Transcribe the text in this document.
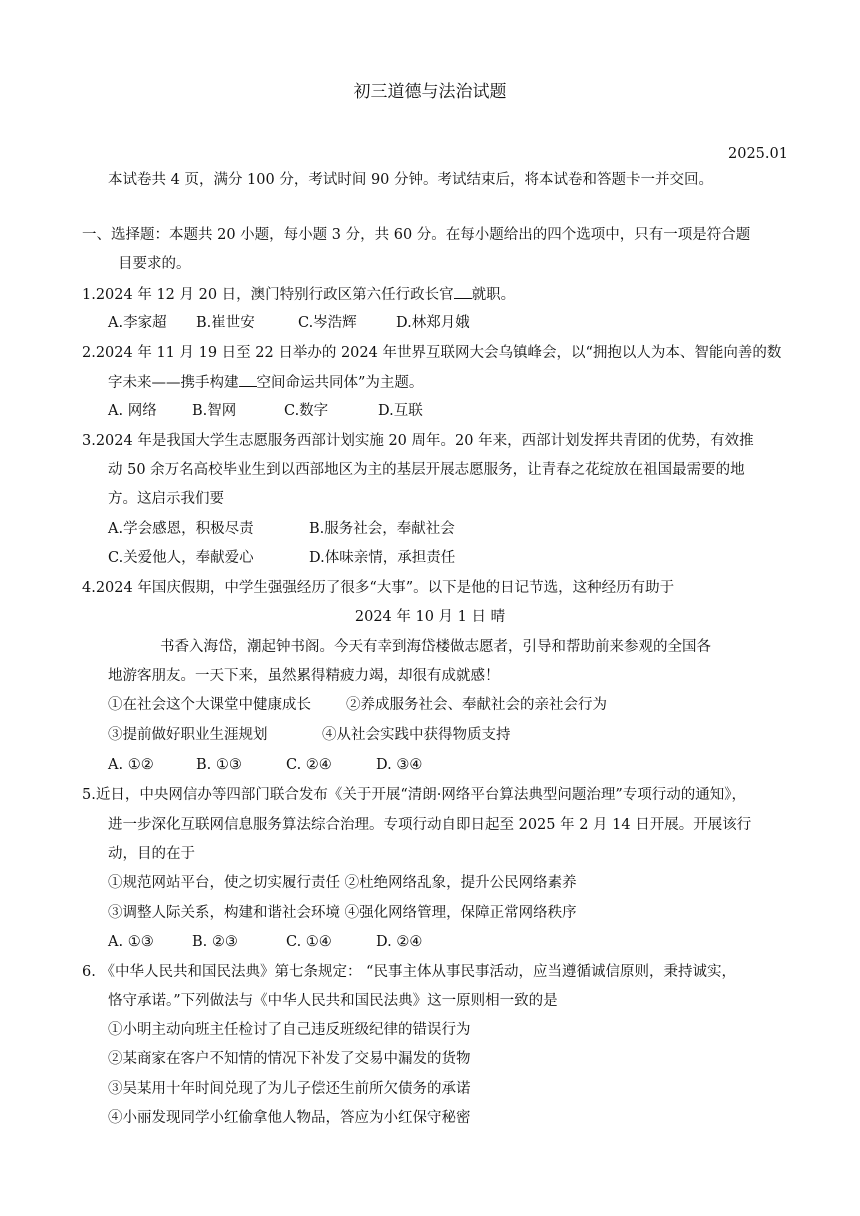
初三道德与法治试题
2025.01
本试卷共 4 页，满分 100 分，考试时间 90 分钟。考试结束后，将本试卷和答题卡一并交回。
一、选择题：本题共 20 小题，每小题 3 分，共 60 分。在每小题给出的四个选项中，只有一项是符合题
目要求的。
1.2024 年 12 月 20 日，澳门特别行政区第六任行政长官 就职。
A.李家超 B.崔世安	C.岑浩辉	D.林郑月娥
2.2024 年 11 月 19 日至 22 日举办的 2024 年世界互联网大会乌镇峰会，以“拥抱以人为本、智能向善的数
字未来——携手构建 空间命运共同体”为主题。
A. 网络 B.智网	C.数字	D.互联
3.2024 年是我国大学生志愿服务西部计划实施 20 周年。20 年来，西部计划发挥共青团的优势，有效推
动 50 余万名高校毕业生到以西部地区为主的基层开展志愿服务，让青春之花绽放在祖国最需要的地
方。这启示我们要
A.学会感恩，积极尽责	B.服务社会，奉献社会
C.关爱他人，奉献爱心	D.体味亲情，承担责任
4.2024 年国庆假期，中学生强强经历了很多“大事”。以下是他的日记节选，这种经历有助于
2024 年 10 月 1 日 晴
书香入海岱，潮起钟书阁。今天有幸到海岱楼做志愿者，引导和帮助前来参观的全国各
地游客朋友。一天下来，虽然累得精疲力竭，却很有成就感！
①在社会这个大课堂中健康成长 ②养成服务社会、奉献社会的亲社会行为
③提前做好职业生涯规划	④从社会实践中获得物质支持
A. ①②	B. ①③	C. ②④	D. ③④
5.近日，中央网信办等四部门联合发布《关于开展“清朗·网络平台算法典型问题治理”专项行动的通知》，
进一步深化互联网信息服务算法综合治理。专项行动自即日起至 2025 年 2 月 14 日开展。开展该行
动，目的在于
①规范网站平台，使之切实履行责任 ②杜绝网络乱象，提升公民网络素养
③调整人际关系，构建和谐社会环境 ④强化网络管理，保障正常网络秩序
A. ①③	B. ②③	C. ①④	D. ②④
6. 《中华人民共和国民法典》第七条规定： “民事主体从事民事活动，应当遵循诚信原则，秉持诚实，
恪守承诺。”下列做法与《中华人民共和国民法典》这一原则相一致的是
①小明主动向班主任检讨了自己违反班级纪律的错误行为
②某商家在客户不知情的情况下补发了交易中漏发的货物
③吴某用十年时间兑现了为儿子偿还生前所欠债务的承诺
④小丽发现同学小红偷拿他人物品，答应为小红保守秘密
